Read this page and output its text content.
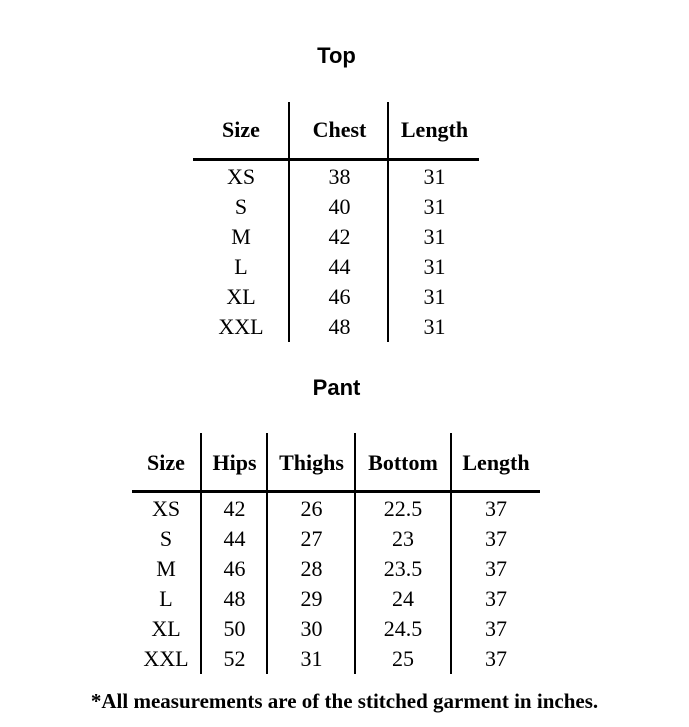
Top
Size	Chest	Length
XS	38	31
S	40	31
M	42	31
L	44	31
XL	46	31
XXL	48	31
Pant
Size	Hips	Thighs	Bottom	Length
XS	42	26	22.5	37
S	44	27	23	37
M	46	28	23.5	37
L	48	29	24	37
XL	50	30	24.5	37
XXL	52	31	25	37
*All measurements are of the stitched garment in inches.
